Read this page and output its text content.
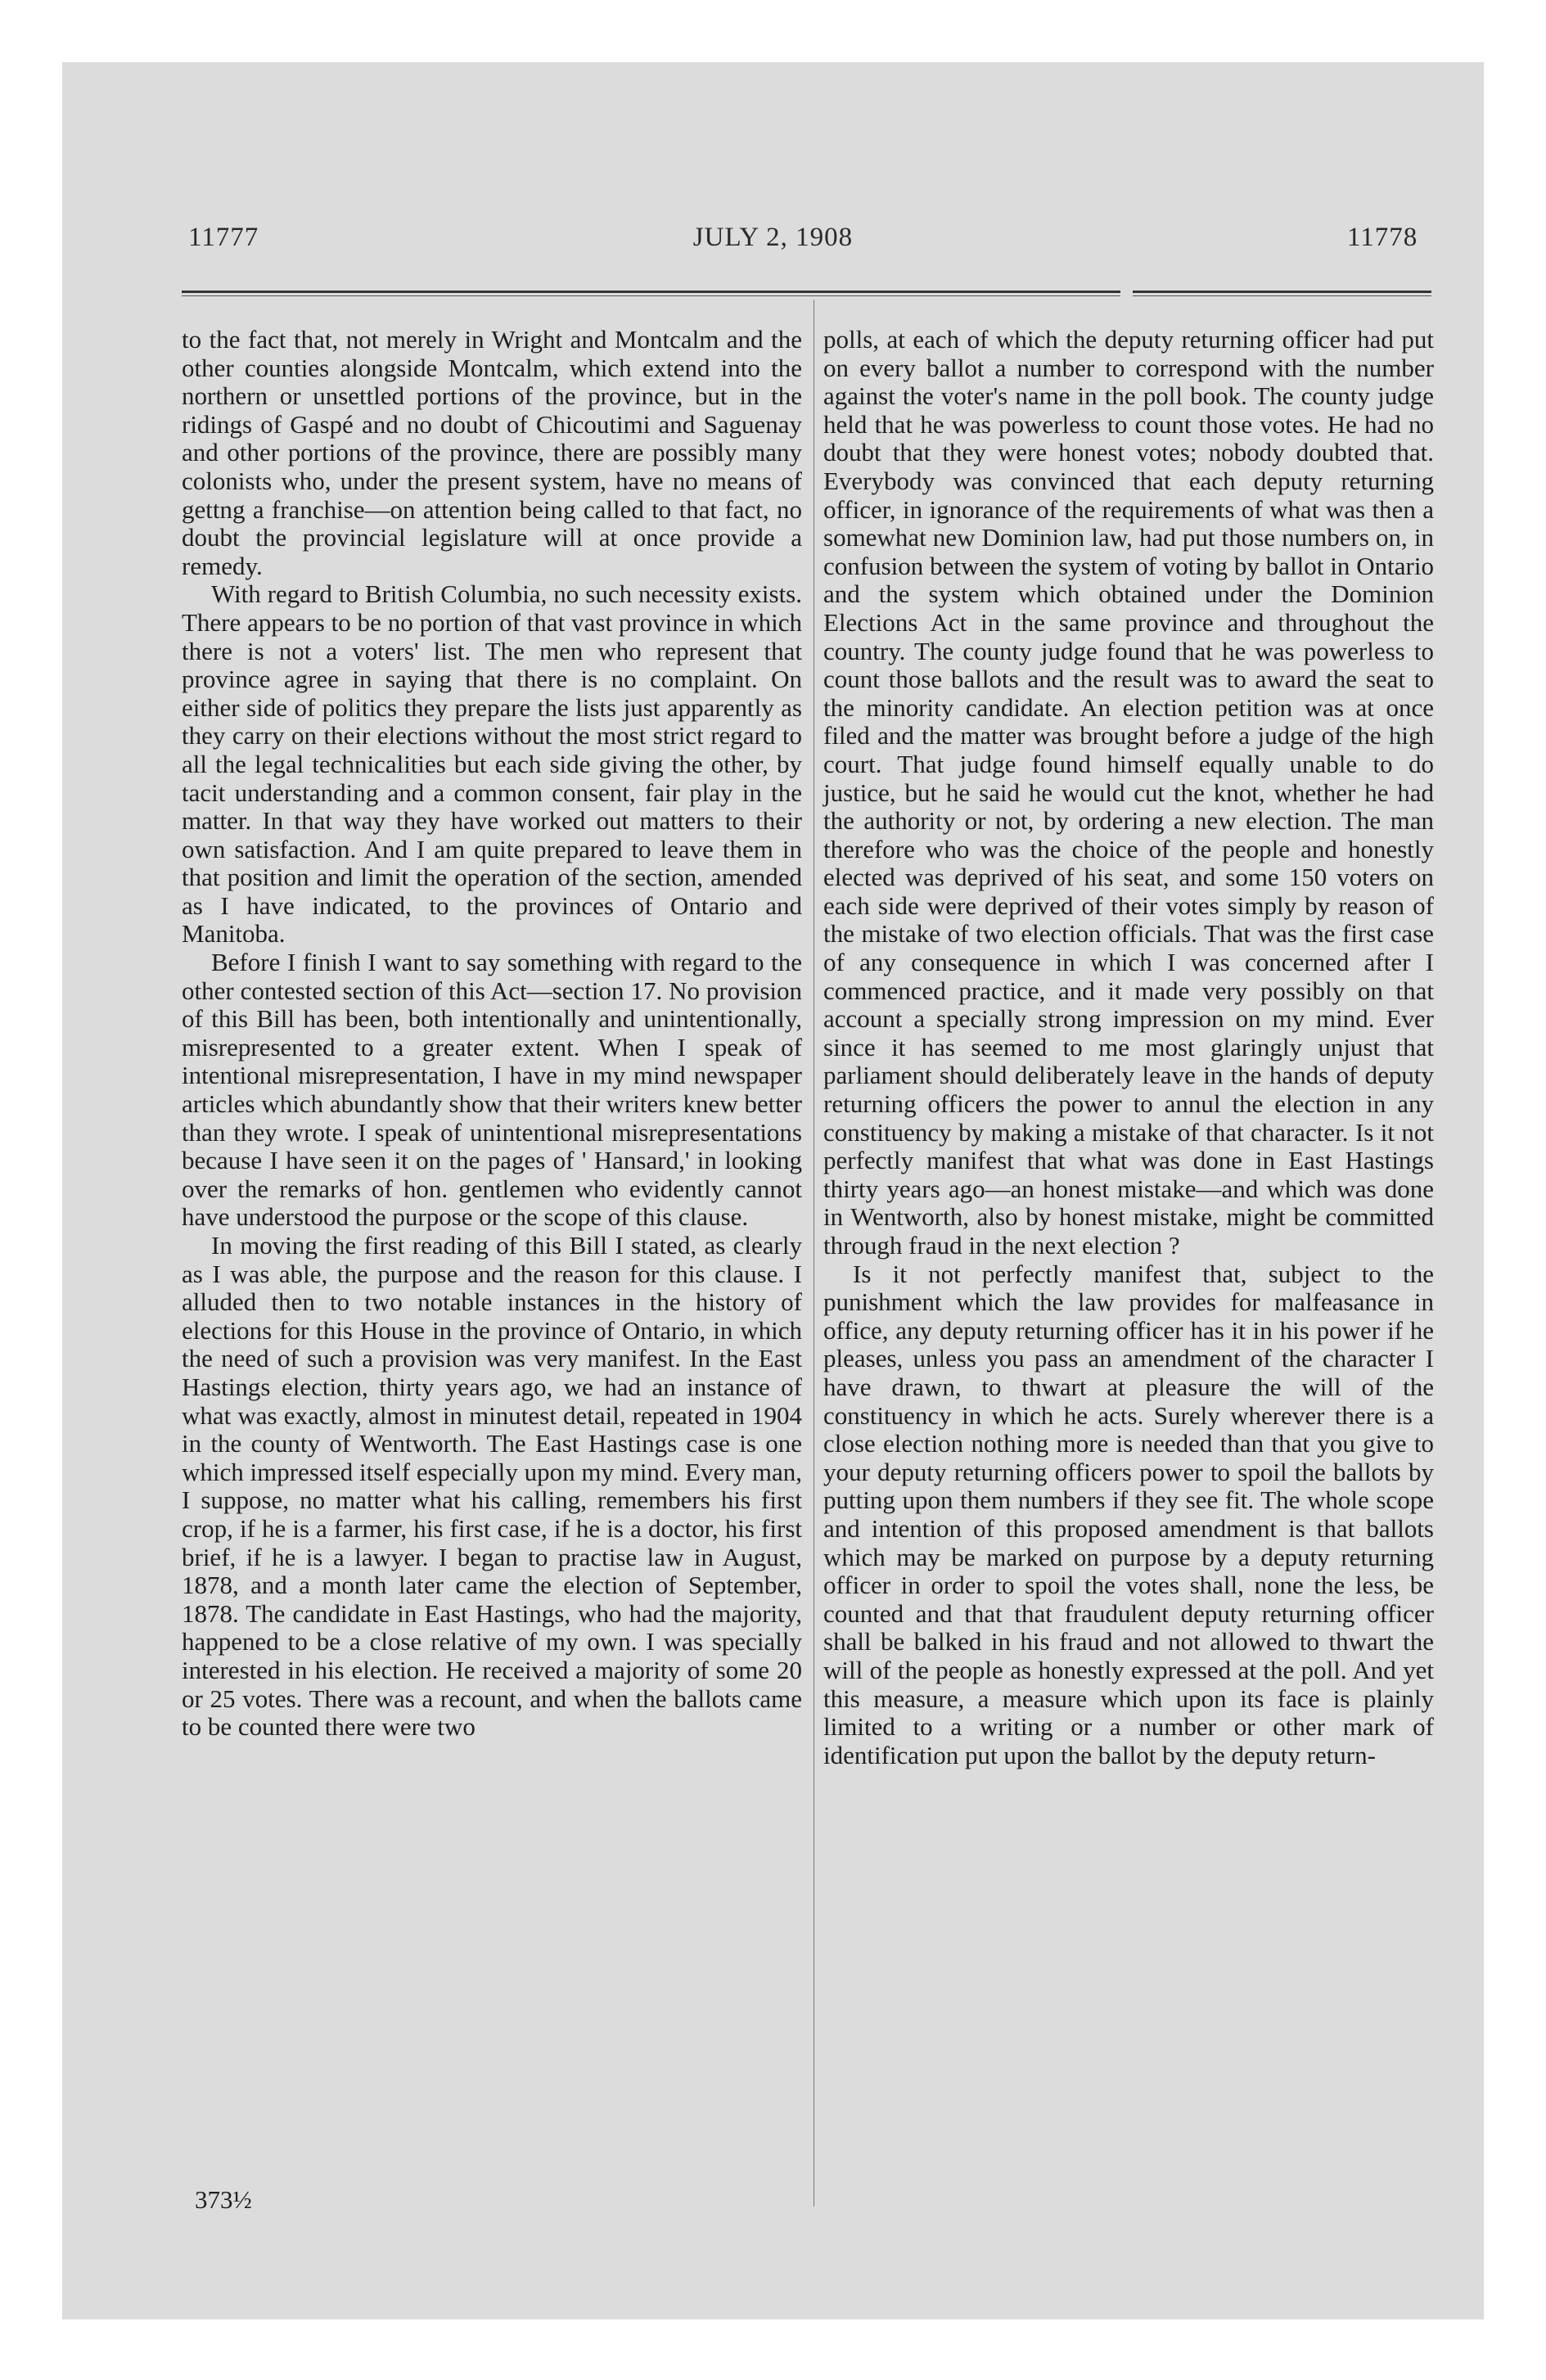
11777	JULY 2, 1908	11778

to the fact that, not merely in Wright and Montcalm and the other counties alongside Montcalm, which extend into the northern or unsettled portions of the province, but in the ridings of Gaspé and no doubt of Chicoutimi and Saguenay and other portions of the province, there are possibly many colonists who, under the present system, have no means of gettng a franchise—on attention being called to that fact, no doubt the provincial legislature will at once provide a remedy.

With regard to British Columbia, no such necessity exists. There appears to be no portion of that vast province in which there is not a voters' list. The men who represent that province agree in saying that there is no complaint. On either side of politics they prepare the lists just apparently as they carry on their elections without the most strict regard to all the legal technicalities but each side giving the other, by tacit understanding and a common consent, fair play in the matter. In that way they have worked out matters to their own satisfaction. And I am quite prepared to leave them in that position and limit the operation of the section, amended as I have indicated, to the provinces of Ontario and Manitoba.

Before I finish I want to say something with regard to the other contested section of this Act—section 17. No provision of this Bill has been, both intentionally and unintentionally, misrepresented to a greater extent. When I speak of intentional misrepresentation, I have in my mind newspaper articles which abundantly show that their writers knew better than they wrote. I speak of unintentional misrepresentations because I have seen it on the pages of ' Hansard,' in looking over the remarks of hon. gentlemen who evidently cannot have understood the purpose or the scope of this clause.

In moving the first reading of this Bill I stated, as clearly as I was able, the purpose and the reason for this clause. I alluded then to two notable instances in the history of elections for this House in the province of Ontario, in which the need of such a provision was very manifest. In the East Hastings election, thirty years ago, we had an instance of what was exactly, almost in minutest detail, repeated in 1904 in the county of Wentworth. The East Hastings case is one which impressed itself especially upon my mind. Every man, I suppose, no matter what his calling, remembers his first crop, if he is a farmer, his first case, if he is a doctor, his first brief, if he is a lawyer. I began to practise law in August, 1878, and a month later came the election of September, 1878. The candidate in East Hastings, who had the majority, happened to be a close relative of my own. I was specially interested in his election. He received a majority of some 20 or 25 votes. There was a recount, and when the ballots came to be counted there were two

polls, at each of which the deputy returning officer had put on every ballot a number to correspond with the number against the voter's name in the poll book. The county judge held that he was powerless to count those votes. He had no doubt that they were honest votes; nobody doubted that. Everybody was convinced that each deputy returning officer, in ignorance of the requirements of what was then a somewhat new Dominion law, had put those numbers on, in confusion between the system of voting by ballot in Ontario and the system which obtained under the Dominion Elections Act in the same province and throughout the country. The county judge found that he was powerless to count those ballots and the result was to award the seat to the minority candidate. An election petition was at once filed and the matter was brought before a judge of the high court. That judge found himself equally unable to do justice, but he said he would cut the knot, whether he had the authority or not, by ordering a new election. The man therefore who was the choice of the people and honestly elected was deprived of his seat, and some 150 voters on each side were deprived of their votes simply by reason of the mistake of two election officials. That was the first case of any consequence in which I was concerned after I commenced practice, and it made very possibly on that account a specially strong impression on my mind. Ever since it has seemed to me most glaringly unjust that parliament should deliberately leave in the hands of deputy returning officers the power to annul the election in any constituency by making a mistake of that character. Is it not perfectly manifest that what was done in East Hastings thirty years ago—an honest mistake—and which was done in Wentworth, also by honest mistake, might be committed through fraud in the next election ?

Is it not perfectly manifest that, subject to the punishment which the law provides for malfeasance in office, any deputy returning officer has it in his power if he pleases, unless you pass an amendment of the character I have drawn, to thwart at pleasure the will of the constituency in which he acts. Surely wherever there is a close election nothing more is needed than that you give to your deputy returning officers power to spoil the ballots by putting upon them numbers if they see fit. The whole scope and intention of this proposed amendment is that ballots which may be marked on purpose by a deputy returning officer in order to spoil the votes shall, none the less, be counted and that that fraudulent deputy returning officer shall be balked in his fraud and not allowed to thwart the will of the people as honestly expressed at the poll. And yet this measure, a measure which upon its face is plainly limited to a writing or a number or other mark of identification put upon the ballot by the deputy return-

373½
